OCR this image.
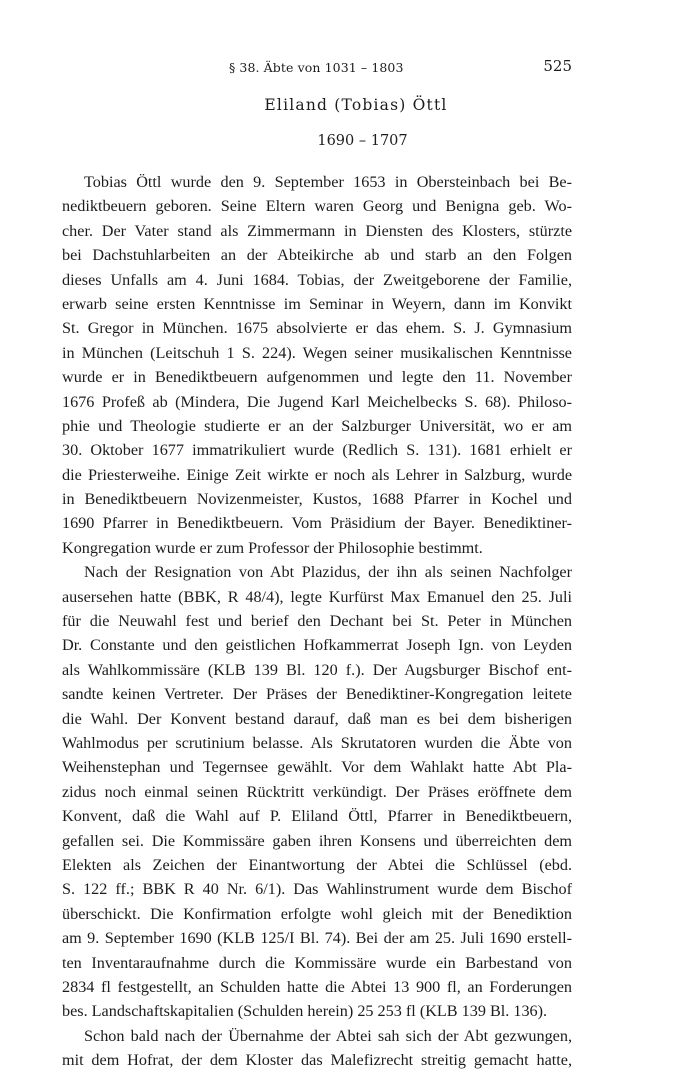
§ 38. Äbte von 1031 – 1803	525
Eliland (Tobias) Öttl
1690 – 1707
Tobias Öttl wurde den 9. September 1653 in Obersteinbach bei Be-
nediktbeuern geboren. Seine Eltern waren Georg und Benigna geb. Wo-
cher. Der Vater stand als Zimmermann in Diensten des Klosters, stürzte
bei Dachstuhlarbeiten an der Abteikirche ab und starb an den Folgen
dieses Unfalls am 4. Juni 1684. Tobias, der Zweitgeborene der Familie,
erwarb seine ersten Kenntnisse im Seminar in Weyern, dann im Konvikt
St. Gregor in München. 1675 absolvierte er das ehem. S. J. Gymnasium
in München (Leitschuh 1 S. 224). Wegen seiner musikalischen Kenntnisse
wurde er in Benediktbeuern aufgenommen und legte den 11. November
1676 Profeß ab (Mindera, Die Jugend Karl Meichelbecks S. 68). Philoso-
phie und Theologie studierte er an der Salzburger Universität, wo er am
30. Oktober 1677 immatrikuliert wurde (Redlich S. 131). 1681 erhielt er
die Priesterweihe. Einige Zeit wirkte er noch als Lehrer in Salzburg, wurde
in Benediktbeuern Novizenmeister, Kustos, 1688 Pfarrer in Kochel und
1690 Pfarrer in Benediktbeuern. Vom Präsidium der Bayer. Benediktiner-
Kongregation wurde er zum Professor der Philosophie bestimmt.
Nach der Resignation von Abt Plazidus, der ihn als seinen Nachfolger
ausersehen hatte (BBK, R 48/4), legte Kurfürst Max Emanuel den 25. Juli
für die Neuwahl fest und berief den Dechant bei St. Peter in München
Dr. Constante und den geistlichen Hofkammerrat Joseph Ign. von Leyden
als Wahlkommissäre (KLB 139 Bl. 120 f.). Der Augsburger Bischof ent-
sandte keinen Vertreter. Der Präses der Benediktiner-Kongregation leitete
die Wahl. Der Konvent bestand darauf, daß man es bei dem bisherigen
Wahlmodus per scrutinium belasse. Als Skrutatoren wurden die Äbte von
Weihenstephan und Tegernsee gewählt. Vor dem Wahlakt hatte Abt Pla-
zidus noch einmal seinen Rücktritt verkündigt. Der Präses eröffnete dem
Konvent, daß die Wahl auf P. Eliland Öttl, Pfarrer in Benediktbeuern,
gefallen sei. Die Kommissäre gaben ihren Konsens und überreichten dem
Elekten als Zeichen der Einantwortung der Abtei die Schlüssel (ebd.
S. 122 ff.; BBK R 40 Nr. 6/1). Das Wahlinstrument wurde dem Bischof
überschickt. Die Konfirmation erfolgte wohl gleich mit der Benediktion
am 9. September 1690 (KLB 125/I Bl. 74). Bei der am 25. Juli 1690 erstell-
ten Inventaraufnahme durch die Kommissäre wurde ein Barbestand von
2834 fl festgestellt, an Schulden hatte die Abtei 13 900 fl, an Forderungen
bes. Landschaftskapitalien (Schulden herein) 25 253 fl (KLB 139 Bl. 136).
Schon bald nach der Übernahme der Abtei sah sich der Abt gezwungen,
mit dem Hofrat, der dem Kloster das Malefizrecht streitig gemacht hatte,
